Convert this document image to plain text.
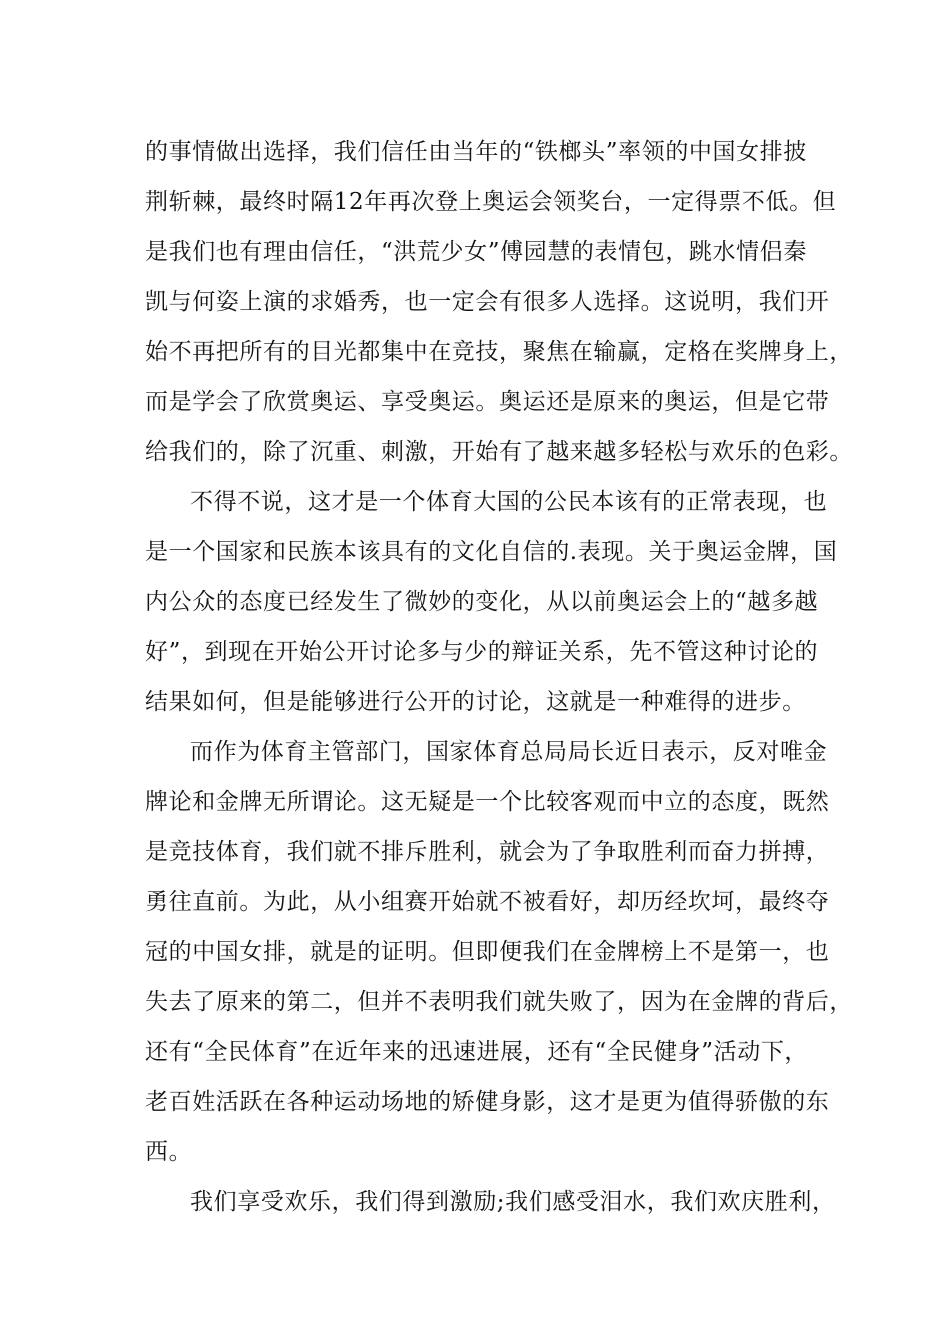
的事情做出选择，我们信任由当年的“铁榔头”率领的中国女排披
荆斩棘，最终时隔12年再次登上奥运会领奖台，一定得票不低。但
是我们也有理由信任，“洪荒少女”傅园慧的表情包，跳水情侣秦
凯与何姿上演的求婚秀，也一定会有很多人选择。这说明，我们开
始不再把所有的目光都集中在竞技，聚焦在输赢，定格在奖牌身上，
而是学会了欣赏奥运、享受奥运。奥运还是原来的奥运，但是它带
给我们的，除了沉重、刺激，开始有了越来越多轻松与欢乐的色彩。
不得不说，这才是一个体育大国的公民本该有的正常表现，也
是一个国家和民族本该具有的文化自信的.表现。关于奥运金牌，国
内公众的态度已经发生了微妙的变化，从以前奥运会上的“越多越
好”，到现在开始公开讨论多与少的辩证关系，先不管这种讨论的
结果如何，但是能够进行公开的讨论，这就是一种难得的进步。
而作为体育主管部门，国家体育总局局长近日表示，反对唯金
牌论和金牌无所谓论。这无疑是一个比较客观而中立的态度，既然
是竞技体育，我们就不排斥胜利，就会为了争取胜利而奋力拼搏，
勇往直前。为此，从小组赛开始就不被看好，却历经坎坷，最终夺
冠的中国女排，就是的证明。但即便我们在金牌榜上不是第一，也
失去了原来的第二，但并不表明我们就失败了，因为在金牌的背后，
还有“全民体育”在近年来的迅速进展，还有“全民健身”活动下，
老百姓活跃在各种运动场地的矫健身影，这才是更为值得骄傲的东
西。
我们享受欢乐，我们得到激励;我们感受泪水，我们欢庆胜利，
